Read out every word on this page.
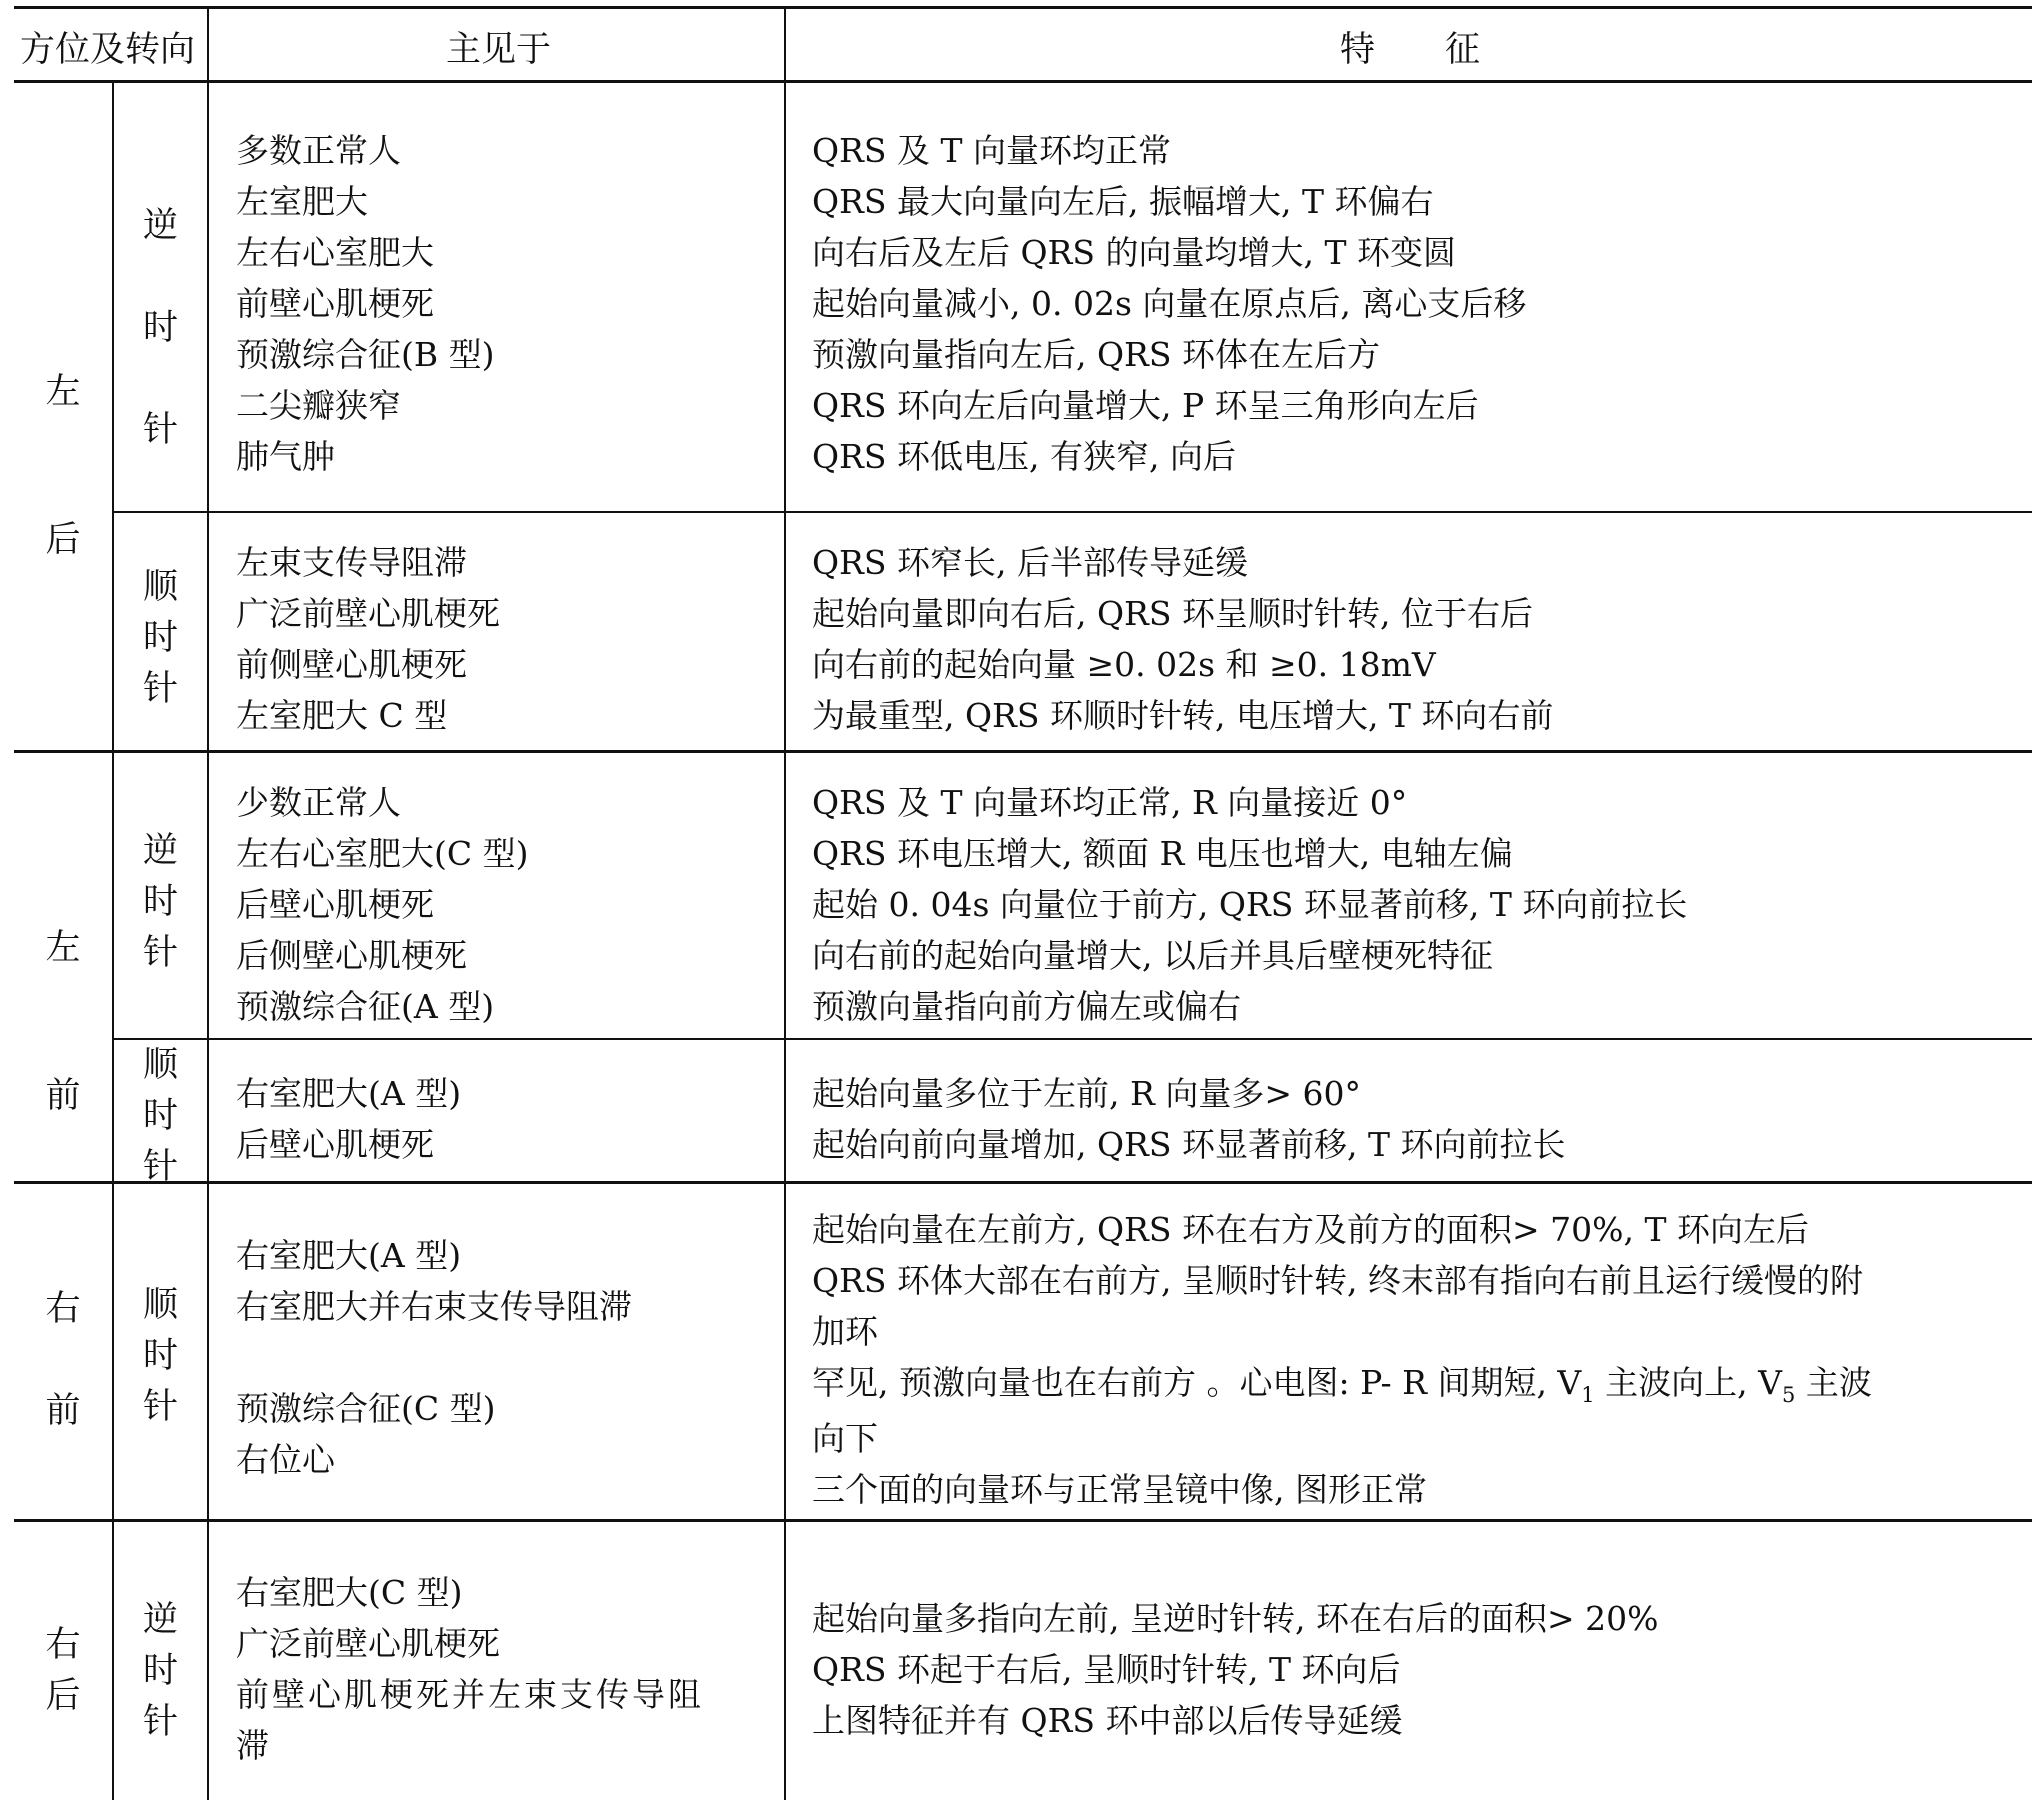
方位及转向	主见于	特　　征
左
后
逆
时
针
多数正常人
左室肥大
左右心室肥大
前壁心肌梗死
预激综合征(B 型)
二尖瓣狭窄
肺气肿
QRS 及 T 向量环均正常
QRS 最大向量向左后, 振幅增大, T 环偏右
向右后及左后 QRS 的向量均增大, T 环变圆
起始向量减小, 0. 02s 向量在原点后, 离心支后移
预激向量指向左后, QRS 环体在左后方
QRS 环向左后向量增大, P 环呈三角形向左后
QRS 环低电压, 有狭窄, 向后
顺
时
针
左束支传导阻滞
广泛前壁心肌梗死
前侧壁心肌梗死
左室肥大 C 型
QRS 环窄长, 后半部传导延缓
起始向量即向右后, QRS 环呈顺时针转, 位于右后
向右前的起始向量 ≥0. 02s 和 ≥0. 18mV
为最重型, QRS 环顺时针转, 电压增大, T 环向右前
左
前
逆
时
针
少数正常人
左右心室肥大(C 型)
后壁心肌梗死
后侧壁心肌梗死
预激综合征(A 型)
QRS 及 T 向量环均正常, R 向量接近 0°
QRS 环电压增大, 额面 R 电压也增大, 电轴左偏
起始 0. 04s 向量位于前方, QRS 环显著前移, T 环向前拉长
向右前的起始向量增大, 以后并具后壁梗死特征
预激向量指向前方偏左或偏右
顺
时
针
右室肥大(A 型)
后壁心肌梗死
起始向量多位于左前, R 向量多> 60°
起始向前向量增加, QRS 环显著前移, T 环向前拉长
右
前
顺
时
针
右室肥大(A 型)
右室肥大并右束支传导阻滞
预激综合征(C 型)
右位心
起始向量在左前方, QRS 环在右方及前方的面积> 70%, T 环向左后
QRS 环体大部在右前方, 呈顺时针转, 终末部有指向右前且运行缓慢的附
加环
罕见, 预激向量也在右前方 。心电图: P- R 间期短, $V_1$ 主波向上, $V_5$ 主波
向下
三个面的向量环与正常呈镜中像, 图形正常
右
后
逆
时
针
右室肥大(C 型)
广泛前壁心肌梗死
前壁心肌梗死并左束支传导阻
滞
起始向量多指向左前, 呈逆时针转, 环在右后的面积> 20%
QRS 环起于右后, 呈顺时针转, T 环向后
上图特征并有 QRS 环中部以后传导延缓
